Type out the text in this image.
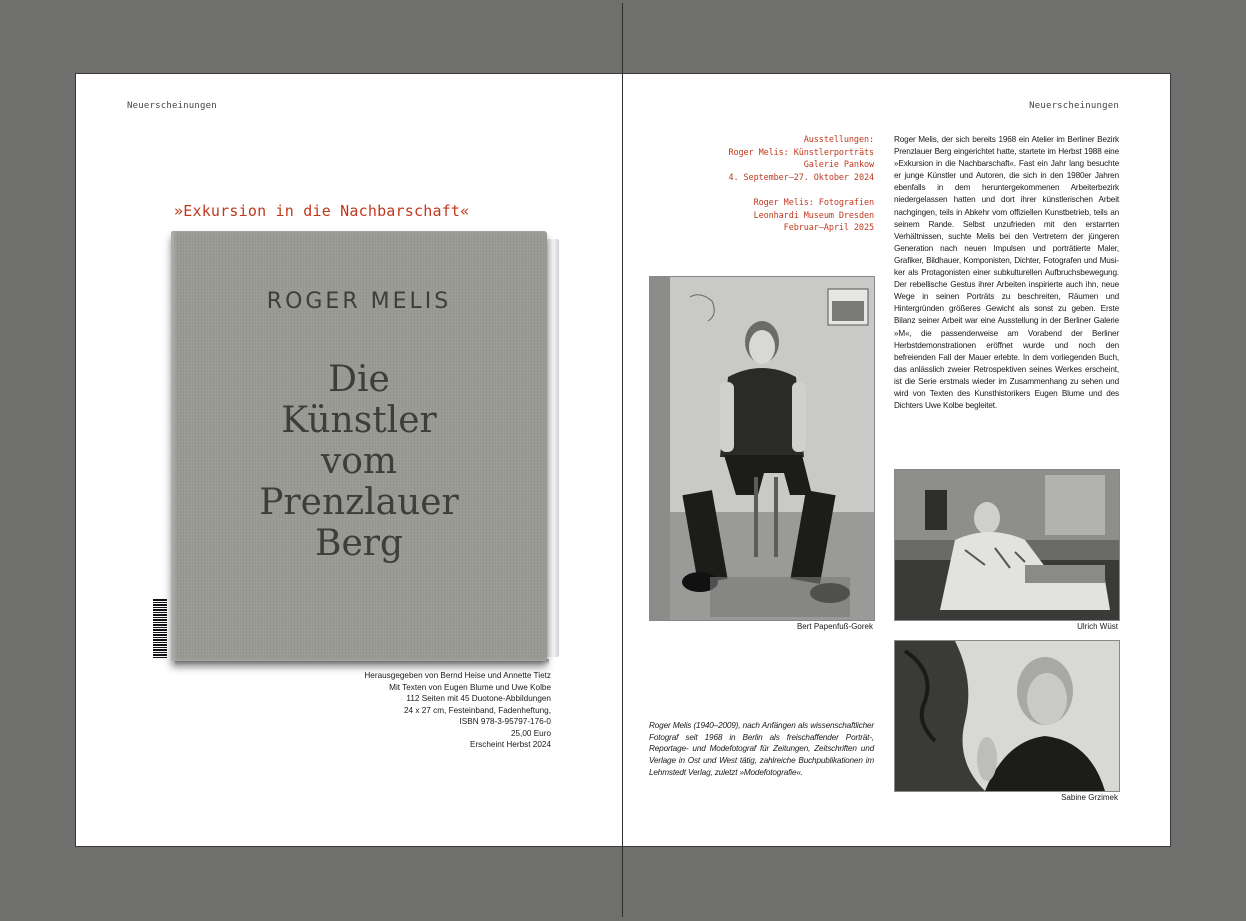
Neuerscheinungen	Neuerscheinungen
»Exkursion in die Nachbarschaft«
ROGER MELIS
Die
Künstler
vom
Prenzlauer
Berg
Herausgegeben von Bernd Heise und Annette Tietz
Mit Texten von Eugen Blume und Uwe Kolbe
112 Seiten mit 45 Duotone-Abbildungen
24 x 27 cm, Festeinband, Fadenheftung,
ISBN 978-3-95797-176-0
25,00 Euro
Erscheint Herbst 2024
Ausstellungen:
Roger Melis: Künstlerporträts
Galerie Pankow
4. September–27. Oktober 2024
Roger Melis: Fotografien
Leonhardi Museum Dresden
Februar–April 2025
Roger Melis, der sich bereits 1968 ein Atelier im Berliner Bezirk Prenzlauer Berg eingerichtet hatte, startete im Herbst 1988 eine »Exkursion in die Nachbarschaft«. Fast ein Jahr lang besuchte er junge Künstler und Autoren, die sich in den 1980er Jahren ebenfalls in dem heruntergekommenen Arbeiterbezirk niedergelassen hatten und dort ihrer künstlerischen Arbeit nachgingen, teils in Abkehr vom offiziellen Kunstbetrieb, teils an seinem Rande. Selbst unzufrieden mit den erstarrten Verhältnissen, suchte Melis bei den Vertretern der jüngeren Generation nach neuen Impulsen und porträtierte Maler, Grafiker, Bildhauer, Komponisten, Dichter, Fotografen und Musiker als Protagonisten einer subkulturellen Aufbruchsbewegung. Der rebellische Gestus ihrer Arbeiten inspirierte auch ihn, neue Wege in seinen Porträts zu beschreiten, Räumen und Hintergründen größeres Gewicht als sonst zu geben. Erste Bilanz seiner Arbeit war eine Ausstellung in der Berliner Galerie »M«, die passenderweise am Vorabend der Berliner Herbstdemonstrationen eröffnet wurde und noch den befreienden Fall der Mauer erlebte. In dem vorliegenden Buch, das anlässlich zweier Retrospektiven seines Werkes erscheint, ist die Serie erstmals wieder im Zusammenhang zu sehen und wird von Texten des Kunsthistorikers Eugen Blume und des Dichters Uwe Kolbe begleitet.
Bert Papenfuß-Gorek	Ulrich Wüst
Sabine Grzimek
Roger Melis (1940–2009), nach Anfängen als wissenschaftlicher Fotograf seit 1968 in Berlin als freischaffender Porträt-, Reportage- und Modefotograf für Zeitungen, Zeitschriften und Verlage in Ost und West tätig, zahlreiche Buchpublikationen im Lehmstedt Verlag, zuletzt »Modefotografie«.
